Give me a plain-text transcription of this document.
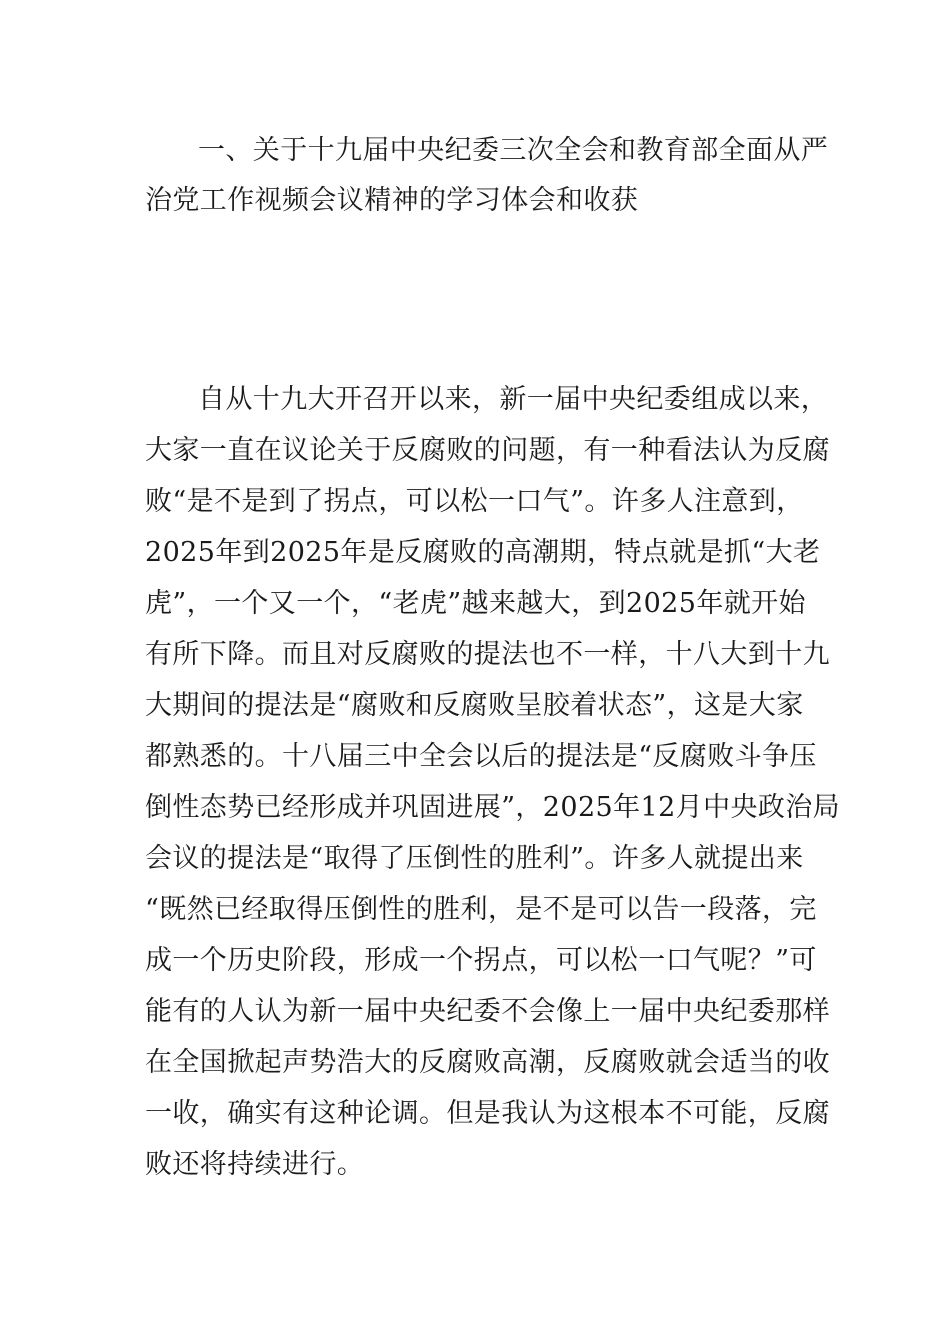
一、关于十九届中央纪委三次全会和教育部全面从严
治党工作视频会议精神的学习体会和收获
自从十九大开召开以来，新一届中央纪委组成以来，
大家一直在议论关于反腐败的问题，有一种看法认为反腐
败“是不是到了拐点，可以松一口气”。许多人注意到，
2025年到2025年是反腐败的高潮期，特点就是抓“大老
虎”，一个又一个，“老虎”越来越大，到2025年就开始
有所下降。而且对反腐败的提法也不一样，十八大到十九
大期间的提法是“腐败和反腐败呈胶着状态”，这是大家
都熟悉的。十八届三中全会以后的提法是“反腐败斗争压
倒性态势已经形成并巩固进展”，2025年12月中央政治局
会议的提法是“取得了压倒性的胜利”。许多人就提出来
“既然已经取得压倒性的胜利，是不是可以告一段落，完
成一个历史阶段，形成一个拐点，可以松一口气呢？”可
能有的人认为新一届中央纪委不会像上一届中央纪委那样
在全国掀起声势浩大的反腐败高潮，反腐败就会适当的收
一收，确实有这种论调。但是我认为这根本不可能，反腐
败还将持续进行。
